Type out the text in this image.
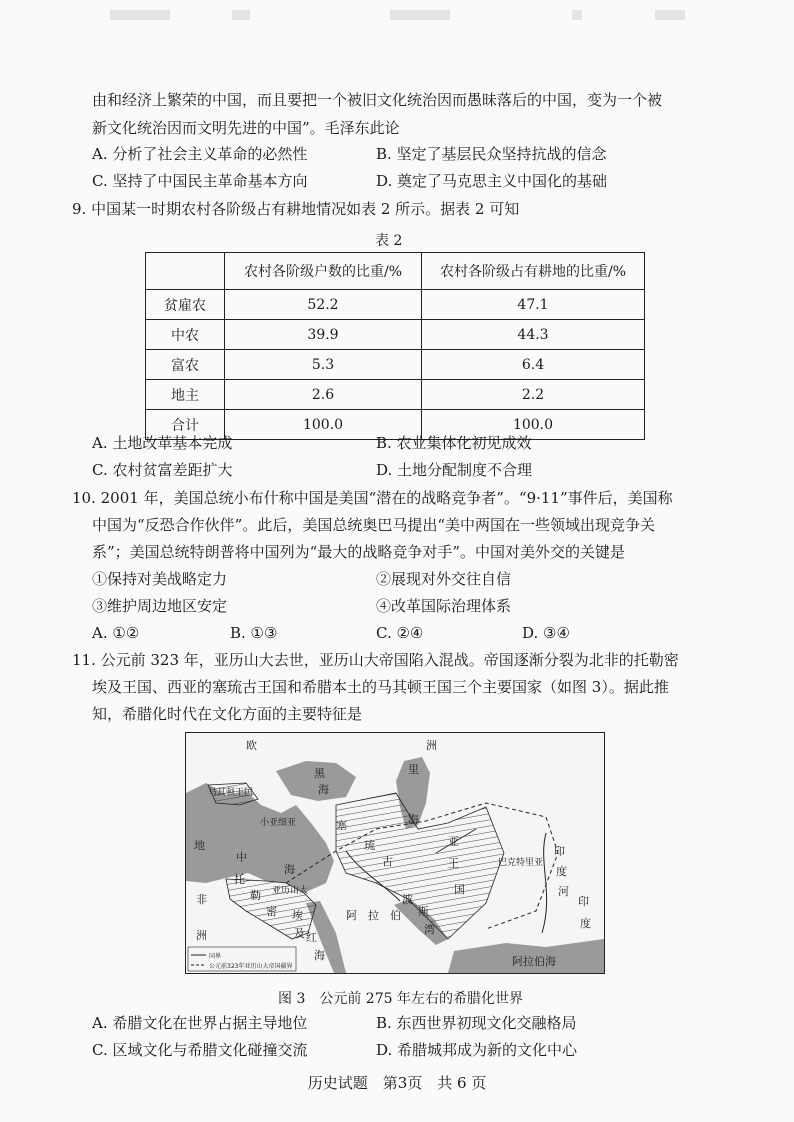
由和经济上繁荣的中国，而且要把一个被旧文化统治因而愚昧落后的中国，变为一个被
新文化统治因而文明先进的中国”。毛泽东此论
A. 分析了社会主义革命的必然性	B. 坚定了基层民众坚持抗战的信念
C. 坚持了中国民主革命基本方向	D. 奠定了马克思主义中国化的基础
9. 中国某一时期农村各阶级占有耕地情况如表 2 所示。据表 2 可知
表 2
	农村各阶级户数的比重/%	农村各阶级占有耕地的比重/%
贫雇农	52.2	47.1
中农	39.9	44.3
富农	5.3	6.4
地主	2.6	2.2
合计	100.0	100.0
A. 土地改革基本完成	B. 农业集体化初见成效
C. 农村贫富差距扩大	D. 土地分配制度不合理
10. 2001 年，美国总统小布什称中国是美国“潜在的战略竞争者”。“9·11”事件后，美国称
中国为“反恐合作伙伴”。此后，美国总统奥巴马提出“美中两国在一些领域出现竞争关
系”；美国总统特朗普将中国列为“最大的战略竞争对手”。中国对美外交的关键是
①保持对美战略定力	②展现对外交往自信
③维护周边地区安定	④改革国际治理体系
A. ①②	B. ①③	C. ②④	D. ③④
11. 公元前 323 年，亚历山大去世，亚历山大帝国陷入混战。帝国逐渐分裂为北非的托勒密
埃及王国、西亚的塞琉古王国和希腊本土的马其顿王国三个主要国家（如图 3）。据此推
知，希腊化时代在文化方面的主要特征是
欧	洲
黑
海
里
海
马其顿王国
小亚细亚
地
中
海
塞
琉
古
亚
王
国
巴克特里亚
印
度
河
印
度
非
洲
托
勒
密
亚历山大
埃
及 红
海
阿　拉　伯
波
斯
湾
阿拉伯海
国界
公元前323年亚历山大帝国疆界
图 3　公元前 275 年左右的希腊化世界
A. 希腊文化在世界占据主导地位	B. 东西世界初现文化交融格局
C. 区域文化与希腊文化碰撞交流	D. 希腊城邦成为新的文化中心
历史试题　第3页　共 6 页
